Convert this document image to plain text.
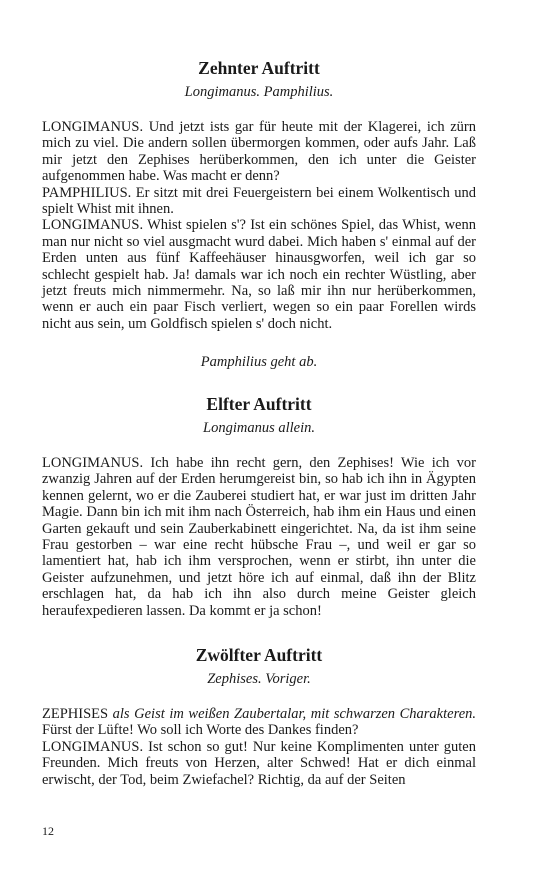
Zehnter Auftritt

Longimanus. Pamphilius.

LONGIMANUS. Und jetzt ists gar für heute mit der Klagerei, ich zürn mich zu viel. Die andern sollen übermorgen kommen, oder aufs Jahr. Laß mir jetzt den Zephises herüberkommen, den ich unter die Geister aufgenommen habe. Was macht er denn?

PAMPHILIUS. Er sitzt mit drei Feuergeistern bei einem Wolkentisch und spielt Whist mit ihnen.

LONGIMANUS. Whist spielen s'? Ist ein schönes Spiel, das Whist, wenn man nur nicht so viel ausgmacht wurd dabei. Mich haben s' einmal auf der Erden unten aus fünf Kaffeehäuser hinausgworfen, weil ich gar so schlecht gespielt hab. Ja! damals war ich noch ein rechter Wüstling, aber jetzt freuts mich nimmermehr. Na, so laß mir ihn nur herüberkommen, wenn er auch ein paar Fisch verliert, wegen so ein paar Forellen wirds nicht aus sein, um Goldfisch spielen s' doch nicht.

Pamphilius geht ab.

Elfter Auftritt

Longimanus allein.

LONGIMANUS. Ich habe ihn recht gern, den Zephises! Wie ich vor zwanzig Jahren auf der Erden herumgereist bin, so hab ich ihn in Ägypten kennen gelernt, wo er die Zauberei studiert hat, er war just im dritten Jahr Magie. Dann bin ich mit ihm nach Österreich, hab ihm ein Haus und einen Garten gekauft und sein Zauberkabinett eingerichtet. Na, da ist ihm seine Frau gestorben – war eine recht hübsche Frau –, und weil er gar so lamentiert hat, hab ich ihm versprochen, wenn er stirbt, ihn unter die Geister aufzunehmen, und jetzt höre ich auf einmal, daß ihn der Blitz erschlagen hat, da hab ich ihn also durch meine Geister gleich heraufexpedieren lassen. Da kommt er ja schon!

Zwölfter Auftritt

Zephises. Voriger.

ZEPHISES als Geist im weißen Zaubertalar, mit schwarzen Charakteren. Fürst der Lüfte! Wo soll ich Worte des Dankes finden?

LONGIMANUS. Ist schon so gut! Nur keine Komplimenten unter guten Freunden. Mich freuts von Herzen, alter Schwed! Hat er dich einmal erwischt, der Tod, beim Zwiefachel? Richtig, da auf der Seiten

12
